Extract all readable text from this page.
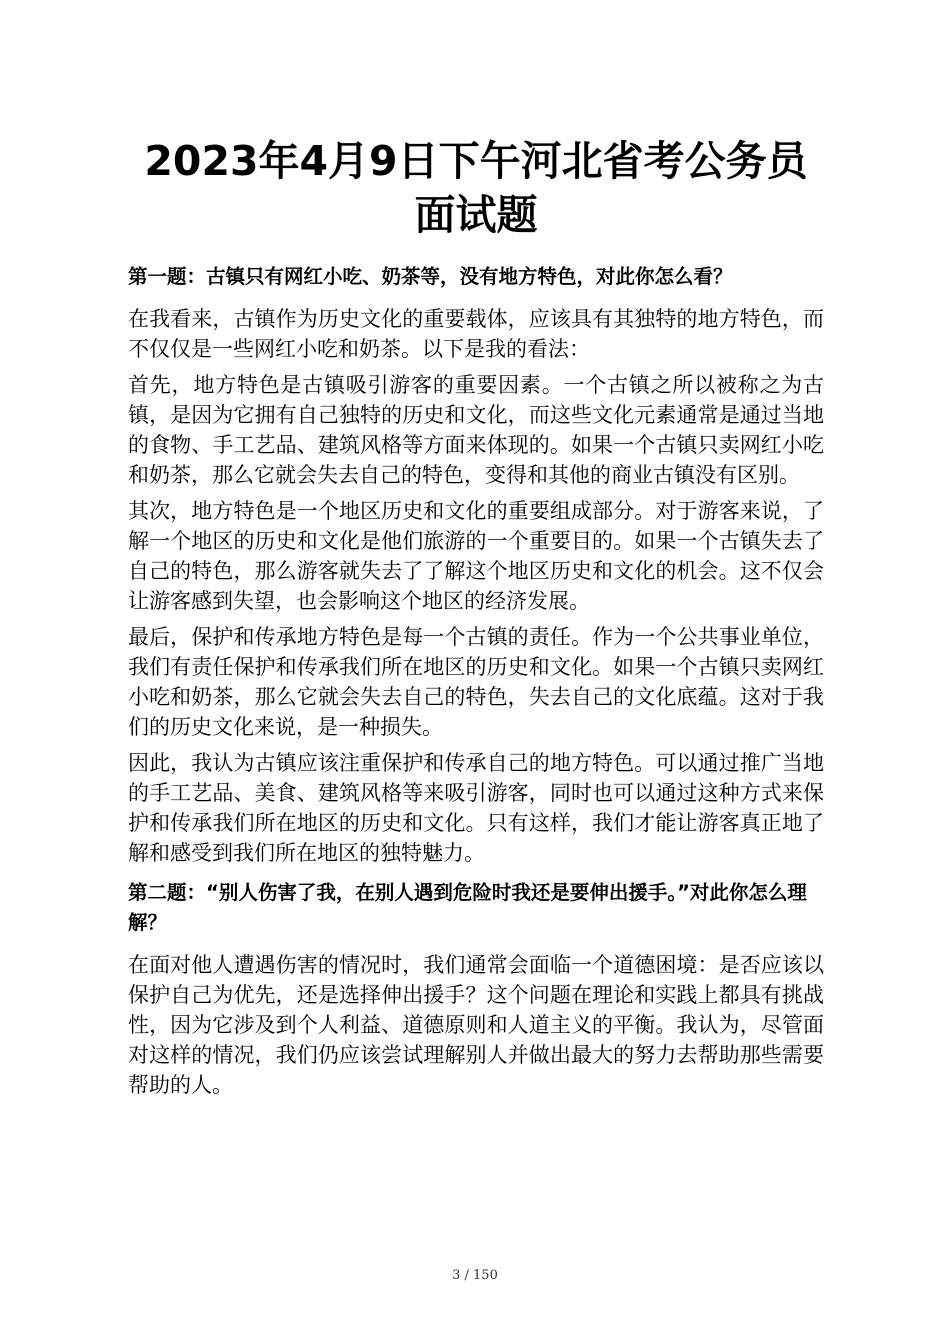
2023年4月9日下午河北省考公务员面试题
第一题：古镇只有网红小吃、奶茶等，没有地方特色，对此你怎么看？

在我看来，古镇作为历史文化的重要载体，应该具有其独特的地方特色，而不仅仅是一些网红小吃和奶茶。以下是我的看法：

首先，地方特色是古镇吸引游客的重要因素。一个古镇之所以被称之为古镇，是因为它拥有自己独特的历史和文化，而这些文化元素通常是通过当地的食物、手工艺品、建筑风格等方面来体现的。如果一个古镇只卖网红小吃和奶茶，那么它就会失去自己的特色，变得和其他的商业古镇没有区别。

其次，地方特色是一个地区历史和文化的重要组成部分。对于游客来说，了解一个地区的历史和文化是他们旅游的一个重要目的。如果一个古镇失去了自己的特色，那么游客就失去了了解这个地区历史和文化的机会。这不仅会让游客感到失望，也会影响这个地区的经济发展。

最后，保护和传承地方特色是每一个古镇的责任。作为一个公共事业单位，我们有责任保护和传承我们所在地区的历史和文化。如果一个古镇只卖网红小吃和奶茶，那么它就会失去自己的特色，失去自己的文化底蕴。这对于我们的历史文化来说，是一种损失。

因此，我认为古镇应该注重保护和传承自己的地方特色。可以通过推广当地的手工艺品、美食、建筑风格等来吸引游客，同时也可以通过这种方式来保护和传承我们所在地区的历史和文化。只有这样，我们才能让游客真正地了解和感受到我们所在地区的独特魅力。

第二题：“别人伤害了我，在别人遇到危险时我还是要伸出援手。”对此你怎么理解？

在面对他人遭遇伤害的情况时，我们通常会面临一个道德困境：是否应该以保护自己为优先，还是选择伸出援手？这个问题在理论和实践上都具有挑战性，因为它涉及到个人利益、道德原则和人道主义的平衡。我认为，尽管面对这样的情况，我们仍应该尝试理解别人并做出最大的努力去帮助那些需要帮助的人。

3 / 150
